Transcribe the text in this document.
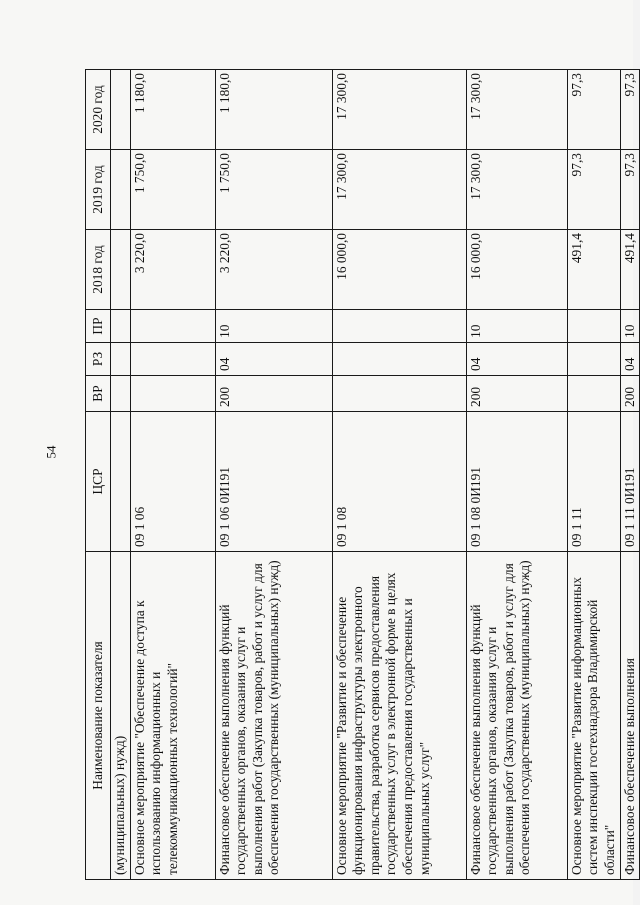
54
Наименование показателя	ЦСР	ВР	РЗ	ПР	2018 год	2019 год	2020 год
(муниципальных) нужд)							
Основное мероприятие "Обеспечение доступа к использованию информационных и телекоммуникационных технологий"	09 1 06				3 220,0	1 750,0	1 180,0
Финансовое обеспечение выполнения функций государственных органов, оказания услуг и выполнения работ (Закупка товаров, работ и услуг для обеспечения государственных (муниципальных) нужд)	09 1 06 0И191	200	04	10	3 220,0	1 750,0	1 180,0
Основное мероприятие "Развитие и обеспечение функционирования инфраструктуры электронного правительства, разработка сервисов предоставления государственных услуг в электронной форме в целях обеспечения предоставления государственных и муниципальных услуг"	09 1 08				16 000,0	17 300,0	17 300,0
Финансовое обеспечение выполнения функций государственных органов, оказания услуг и выполнения работ (Закупка товаров, работ и услуг для обеспечения государственных (муниципальных) нужд)	09 1 08 0И191	200	04	10	16 000,0	17 300,0	17 300,0
Основное мероприятие "Развитие информационных систем инспекции гостехнадзора Владимирской области"	09 1 11				491,4	97,3	97,3
Финансовое обеспечение выполнения	09 1 11 0И191	200	04	10	491,4	97,3	97,3
